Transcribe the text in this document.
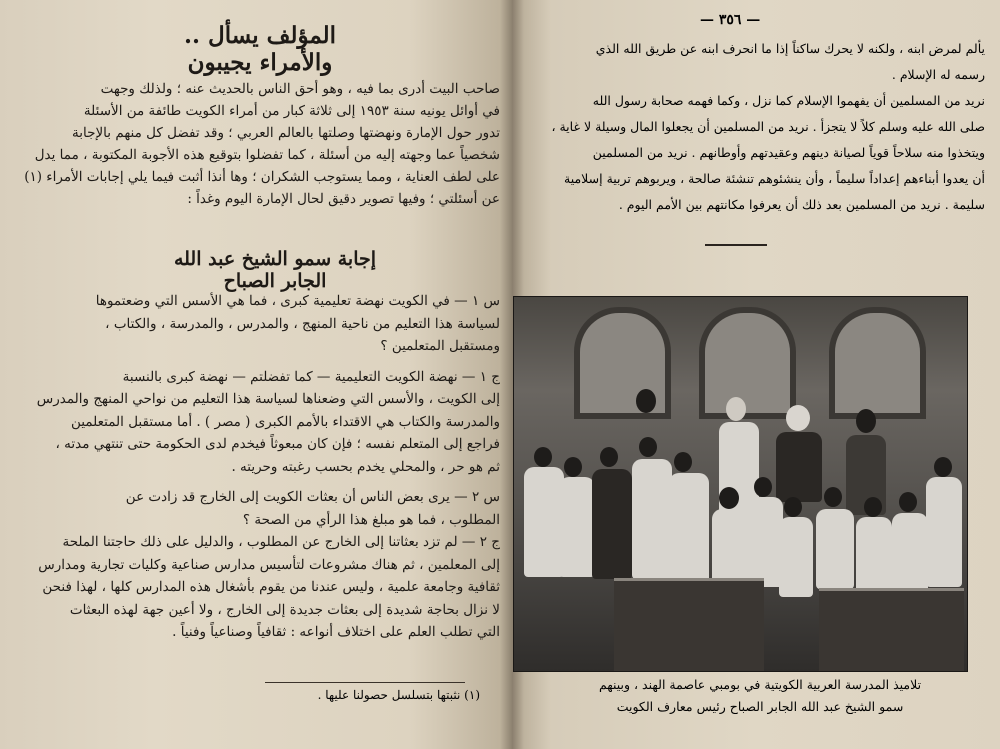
المؤلف يسأل .. والأمراء يجيبون
صاحب البيت أدرى بما فيه ، وهو أحق الناس بالحديث عنه ؛ ولذلك وجهت
في أوائل يونيه سنة ١٩٥٣ إلى ثلاثة كبار من أمراء الكويت طائفة من الأسئلة
تدور حول الإمارة ونهضتها وصلتها بالعالم العربي ؛ وقد تفضل كل منهم بالإجابة
شخصياً عما وجهته إليه من أسئلة ، كما تفضلوا بتوقيع هذه الأجوبة المكتوبة ، مما يدل
على لطف العناية ، ومما يستوجب الشكران ؛ وها أنذا أثبت فيما يلي إجابات الأمراء (١)
عن أسئلتي ؛ وفيها تصوير دقيق لحال الإمارة اليوم وغداً :
إجابة سمو الشيخ عبد الله الجابر الصباح
س ١ — في الكويت نهضة تعليمية كبرى ، فما هي الأسس التي وضعتموها
لسياسة هذا التعليم من ناحية المنهج ، والمدرس ، والمدرسة ، والكتاب ،
ومستقبل المتعلمين ؟
ج ١ — نهضة الكويت التعليمية — كما تفضلتم — نهضة كبرى بالنسبة
إلى الكويت ، والأسس التي وضعناها لسياسة هذا التعليم من نواحي المنهج والمدرس
والمدرسة والكتاب هي الاقتداء بالأمم الكبرى ( مصر ) . أما مستقبل المتعلمين
فراجع إلى المتعلم نفسه ؛ فإن كان مبعوثاً فيخدم لدى الحكومة حتى تنتهي مدته ،
ثم هو حر ، والمحلي يخدم بحسب رغبته وحريته .
س ٢ — يرى بعض الناس أن بعثات الكويت إلى الخارج قد زادت عن
المطلوب ، فما هو مبلغ هذا الرأي من الصحة ؟
ج ٢ — لم تزد بعثاتنا إلى الخارج عن المطلوب ، والدليل على ذلك حاجتنا الملحة
إلى المعلمين ، ثم هناك مشروعات لتأسيس مدارس صناعية وكليات تجارية ومدارس
ثقافية وجامعة علمية ، وليس عندنا من يقوم بأشغال هذه المدارس كلها ، لهذا فنحن
لا نزال بحاجة شديدة إلى بعثات جديدة إلى الخارج ، ولا أعين جهة لهذه البعثات
التي تطلب العلم على اختلاف أنواعه : ثقافياً وصناعياً وفنياً .
(١) نثبتها بتسلسل حصولنا عليها .
— ٣٥٦ —
يألم لمرض ابنه ، ولكنه لا يحرك ساكناً إذا ما انحرف ابنه عن طريق الله الذي
رسمه له الإسلام .
نريد من المسلمين أن يفهموا الإسلام كما نزل ، وكما فهمه صحابة رسول الله
صلى الله عليه وسلم كلاً لا يتجزأ . نريد من المسلمين أن يجعلوا المال وسيلة لا غاية ،
ويتخذوا منه سلاحاً قوياً لصيانة دينهم وعقيدتهم وأوطانهم . نريد من المسلمين
أن يعدوا أبناءهم إعداداً سليماً ، وأن ينشئوهم تنشئة صالحة ، ويربوهم تربية إسلامية
سليمة . نريد من المسلمين بعد ذلك أن يعرفوا مكانتهم بين الأمم اليوم .
تلاميذ المدرسة العربية الكويتية في بومبي عاصمة الهند ، وبينهم
سمو الشيخ عبد الله الجابر الصباح رئيس معارف الكويت
